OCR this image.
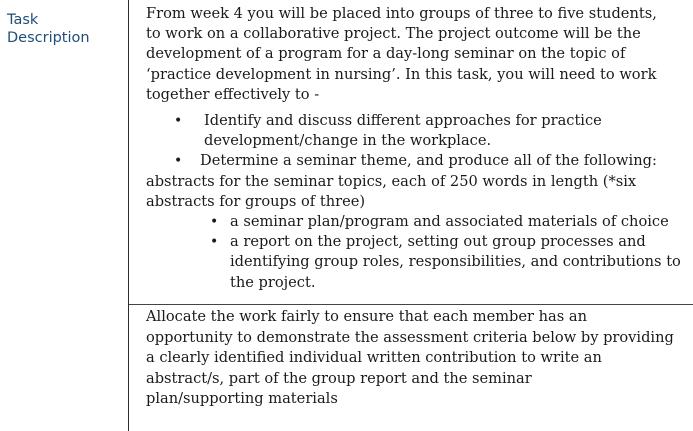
Task
Description

From week 4 you will be placed into groups of three to five students,
to work on a collaborative project. The project outcome will be the
development of a program for a day-long seminar on the topic of
‘practice development in nursing’. In this task, you will need to work
together effectively to -

• Identify and discuss different approaches for practice
development/change in the workplace.
• Determine a seminar theme, and produce all of the following:
abstracts for the seminar topics, each of 250 words in length (*six
abstracts for groups of three)
• a seminar plan/program and associated materials of choice
• a report on the project, setting out group processes and
identifying group roles, responsibilities, and contributions to
the project.
Allocate the work fairly to ensure that each member has an
opportunity to demonstrate the assessment criteria below by providing
a clearly identified individual written contribution to write an
abstract/s, part of the group report and the seminar
plan/supporting materials
